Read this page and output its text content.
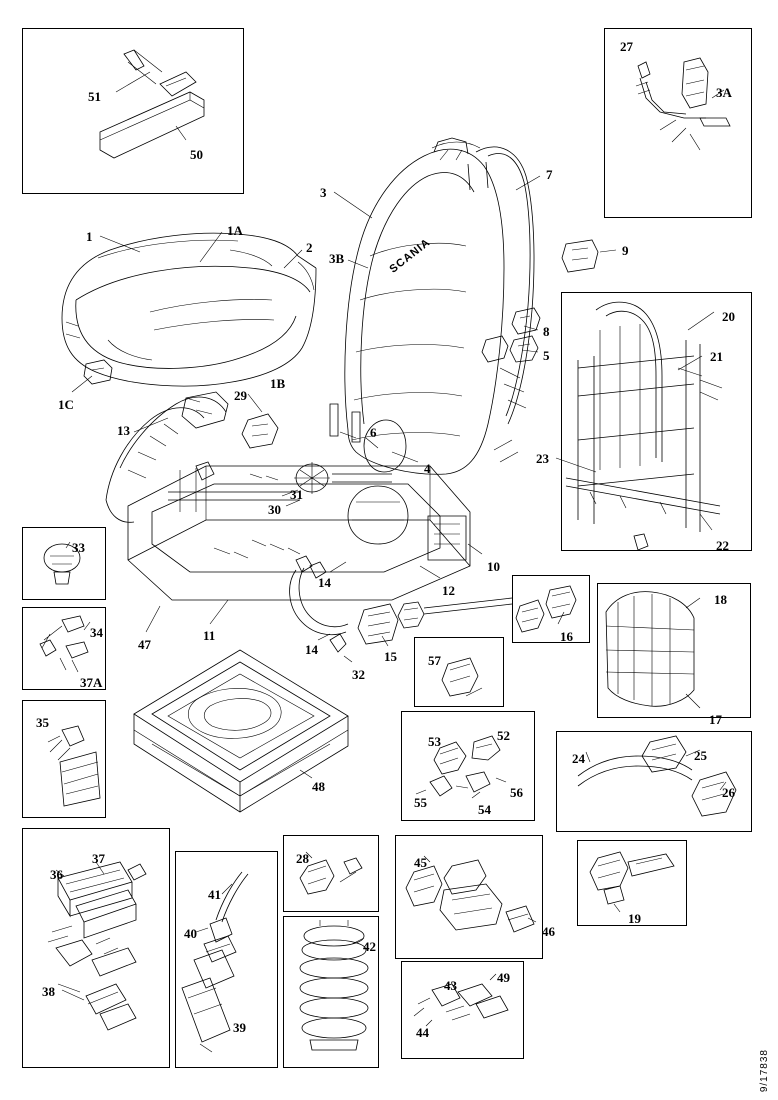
SCANIA
51
50
27
3A
1	1A
2
3
3B
7
9
8
5
6
4
1C
1B
29
13
31
30
10
12
14
14	15
32
11
47
48
33
34
37A
35
20
21
23
22
16
18
17
57
53	52
55	54
56
24	25
26
36
37
38
41
40
39
28
42
45
46
19
43
49
44
9/17838
